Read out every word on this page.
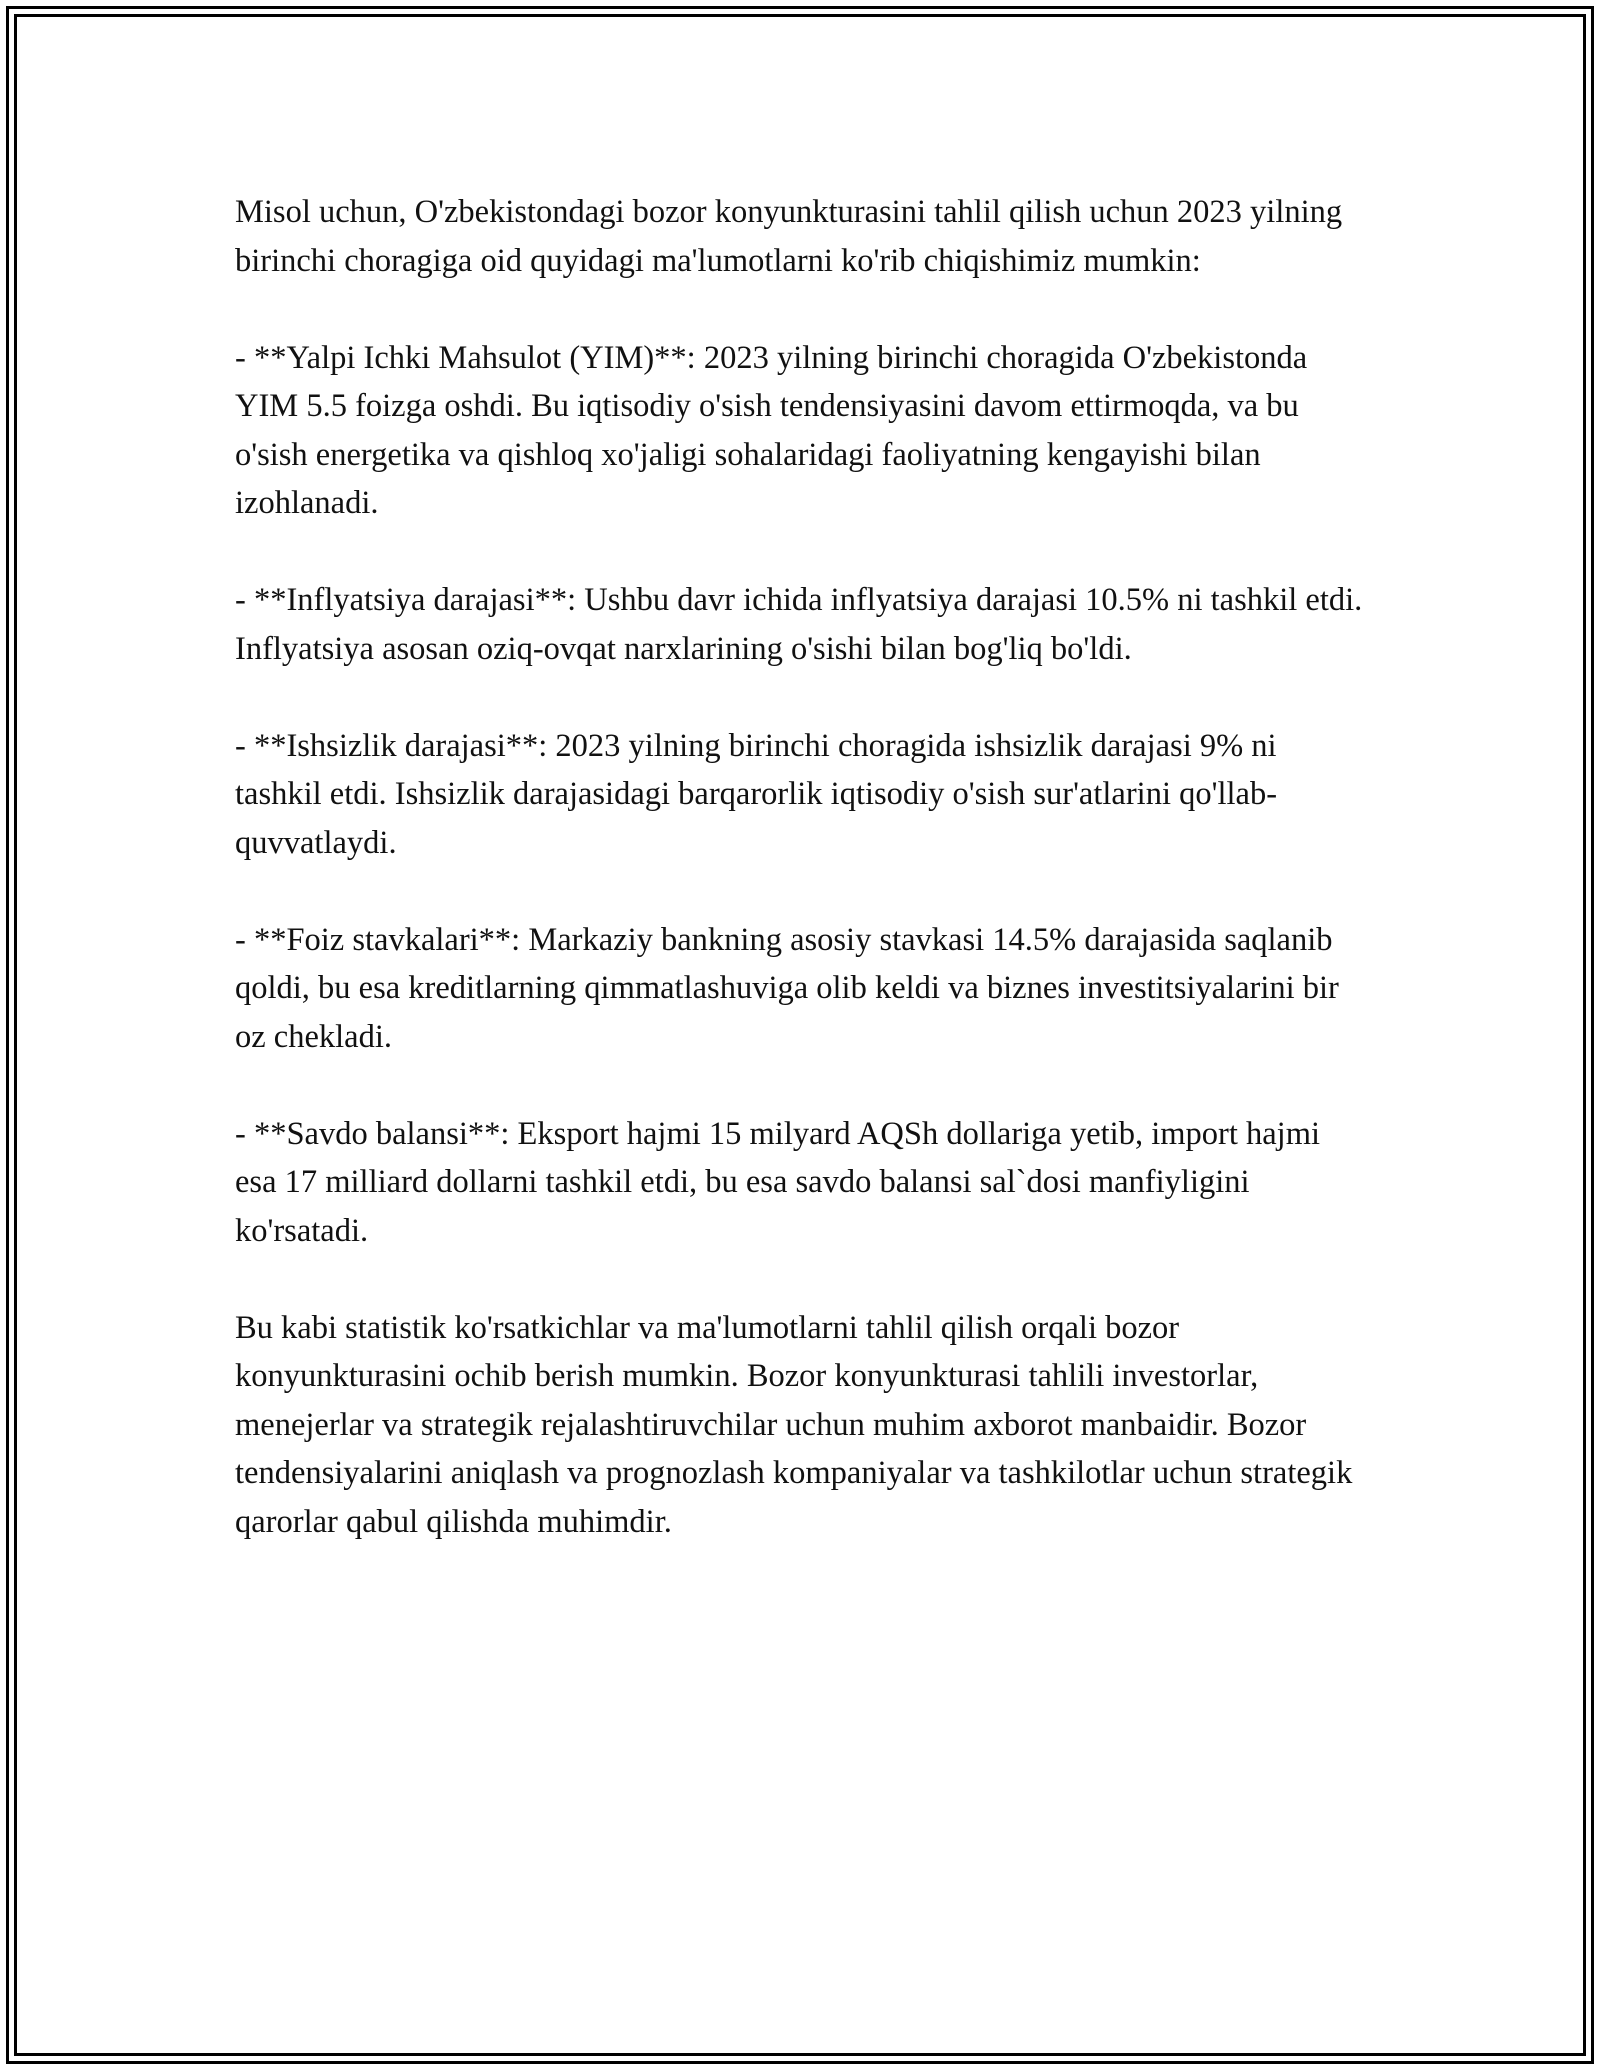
Misol uchun, O'zbekistondagi bozor konyunkturasini tahlil qilish uchun 2023 yilning birinchi choragiga oid quyidagi ma'lumotlarni ko'rib chiqishimiz mumkin:

- **Yalpi Ichki Mahsulot (YIM)**: 2023 yilning birinchi choragida O'zbekistonda YIM 5.5 foizga oshdi. Bu iqtisodiy o'sish tendensiyasini davom ettirmoqda, va bu o'sish energetika va qishloq xo'jaligi sohalaridagi faoliyatning kengayishi bilan izohlanadi.

- **Inflyatsiya darajasi**: Ushbu davr ichida inflyatsiya darajasi 10.5% ni tashkil etdi. Inflyatsiya asosan oziq-ovqat narxlarining o'sishi bilan bog'liq bo'ldi.

- **Ishsizlik darajasi**: 2023 yilning birinchi choragida ishsizlik darajasi 9% ni tashkil etdi. Ishsizlik darajasidagi barqarorlik iqtisodiy o'sish sur'atlarini qo'llab-quvvatlaydi.

- **Foiz stavkalari**: Markaziy bankning asosiy stavkasi 14.5% darajasida saqlanib qoldi, bu esa kreditlarning qimmatlashuviga olib keldi va biznes investitsiyalarini bir oz chekladi.

- **Savdo balansi**: Eksport hajmi 15 milyard AQSh dollariga yetib, import hajmi esa 17 milliard dollarni tashkil etdi, bu esa savdo balansi sal`dosi manfiyligini ko'rsatadi.

Bu kabi statistik ko'rsatkichlar va ma'lumotlarni tahlil qilish orqali bozor konyunkturasini ochib berish mumkin. Bozor konyunkturasi tahlili investorlar, menejerlar va strategik rejalashtiruvchilar uchun muhim axborot manbaidir. Bozor tendensiyalarini aniqlash va prognozlash kompaniyalar va tashkilotlar uchun strategik qarorlar qabul qilishda muhimdir.
